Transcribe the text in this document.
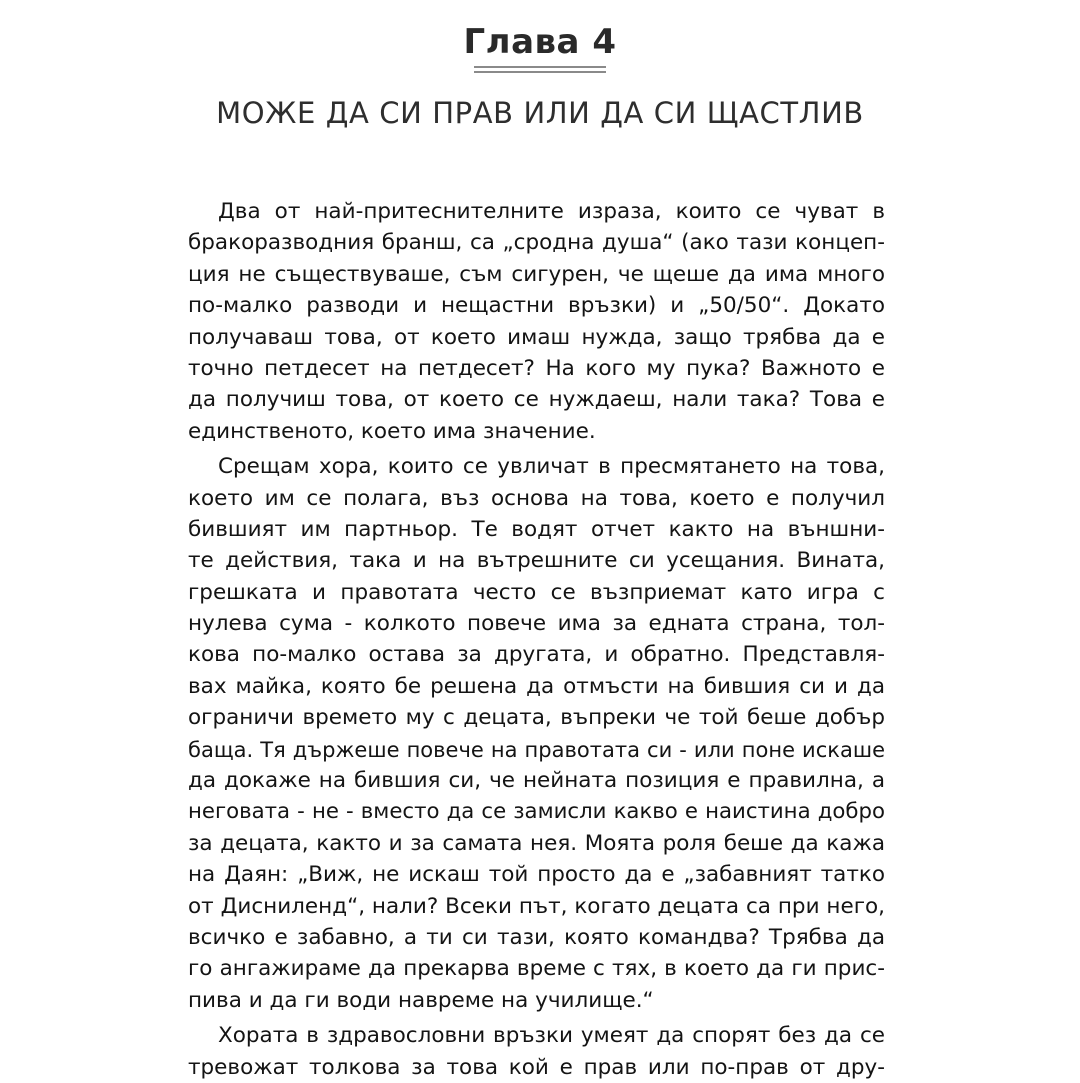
Глава 4
МОЖЕ ДА СИ ПРАВ ИЛИ ДА СИ ЩАСТЛИВ
Два от най-притеснителните израза, които се чуват в
бракоразводния бранш, са „сродна душа“ (ако тази концеп-
ция не съществуваше, съм сигурен, че щеше да има много
по-малко разводи и нещастни връзки) и „50/50“. Докато
получаваш това, от което имаш нужда, защо трябва да е
точно петдесет на петдесет? На кого му пука? Важното е
да получиш това, от което се нуждаеш, нали така? Това е
единственото, което има значение.
Срещам хора, които се увличат в пресмятането на това,
което им се полага, въз основа на това, което е получил
бившият им партньор. Те водят отчет както на външни-
те действия, така и на вътрешните си усещания. Вината,
грешката и правотата често се възприемат като игра с
нулева сума - колкото повече има за едната страна, тол-
кова по-малко остава за другата, и обратно. Представля-
вах майка, която бе решена да отмъсти на бившия си и да
ограничи времето му с децата, въпреки че той беше добър
баща. Тя държеше повече на правотата си - или поне искаше
да докаже на бившия си, че нейната позиция е правилна, а
неговата - не - вместо да се замисли какво е наистина добро
за децата, както и за самата нея. Моята роля беше да кажа
на Даян: „Виж, не искаш той просто да е „забавният татко
от Дисниленд“, нали? Всеки път, когато децата са при него,
всичко е забавно, а ти си тази, която командва? Трябва да
го ангажираме да прекарва време с тях, в което да ги прис-
пива и да ги води навреме на училище.“
Хората в здравословни връзки умеят да спорят без да се
тревожат толкова за това кой е прав или по-прав от дру-
